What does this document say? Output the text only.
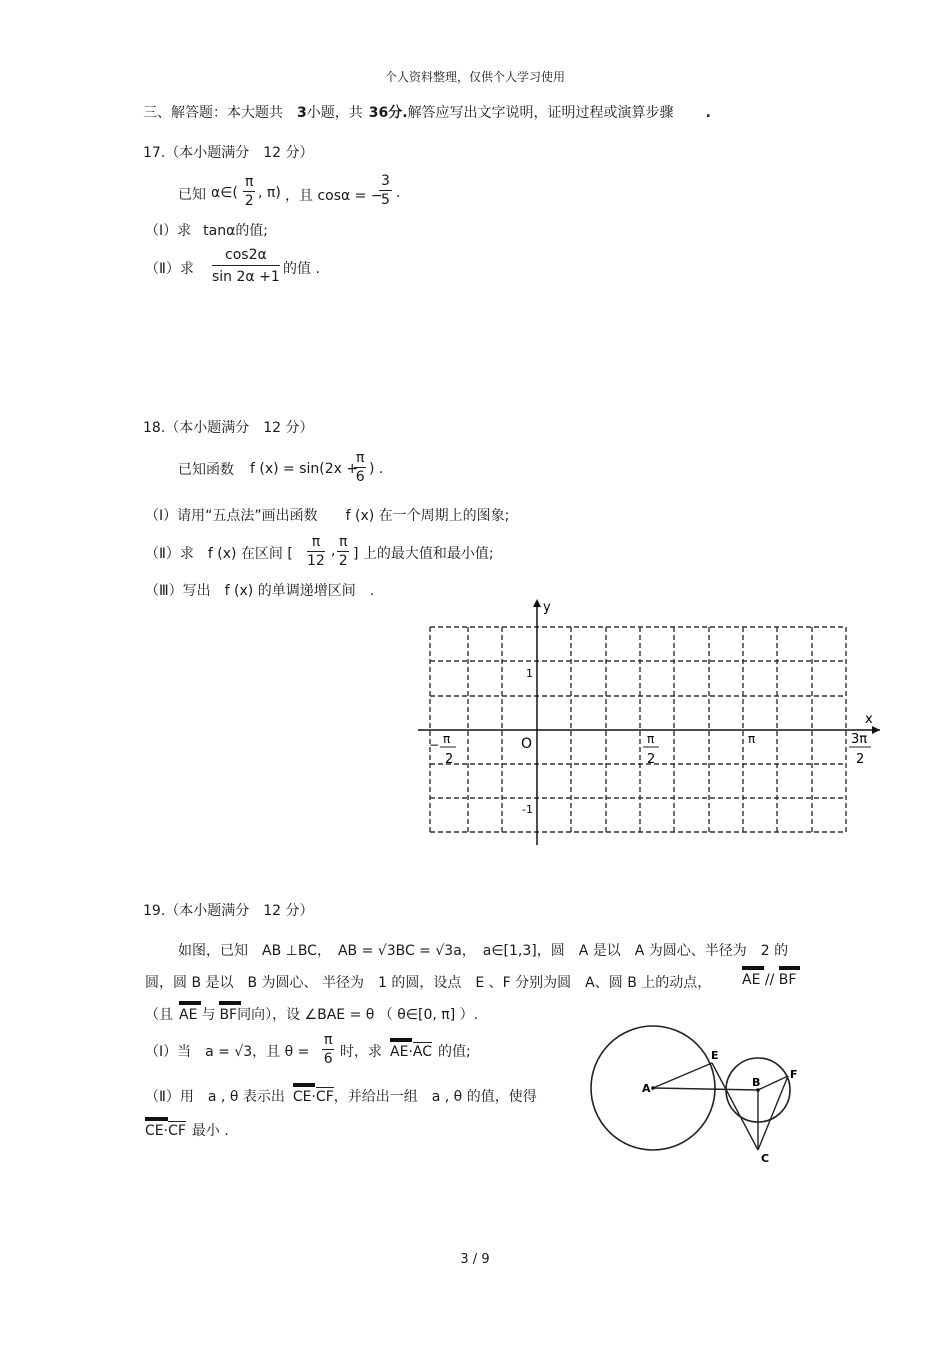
个人资料整理，仅供个人学习使用
三、解答题：本大题共 3小题，共 36分.解答应写出文字说明，证明过程或演算步骤 .
17.（本小题满分　12 分）
已知 α∈( $\frac{\pi}{2}$ , π) ，且 cosα = −
$\frac{3}{5}$ .
（Ⅰ）求 tanα的值;
（Ⅱ）求 $\frac{\cos 2\alpha}{\sin 2\alpha +1}$ 的值 .
18.（本小题满分　12 分）
已知函数 f (x) = sin(2x +
$\frac{\pi}{6}$ ) .
（Ⅰ）请用“五点法”画出函数　　f (x) 在一个周期上的图象;
（Ⅱ）求　f (x) 在区间 [ $\frac{\pi}{12}$ , $\frac{\pi}{2}$ ] 上的最大值和最小值;
（Ⅲ）写出　f (x) 的单调递增区间　.
y
x
O
1
-1
− π
2
π
2
π	3π
2
19.（本小题满分　12 分）
如图，已知　AB ⊥BC，　AB = √3BC = √3a，　a∈[1,3]，圆　A 是以　A 为圆心、半径为　2 的
圆，圆 B 是以　B 为圆心、 半径为　1 的圆，设点　E 、F 分别为圆　A、圆 B 上的动点， AE // BF
（且 AE 与 BF同向），设 ∠BAE = θ （ θ∈[0, π] ）.
（Ⅰ）当　a = √3，且 $\theta = \frac{\pi}{6}$ 时，求 AE·AC 的值;
（Ⅱ）用　a , θ 表示出 CE·CF，并给出一组　a , θ 的值，使得
CE·CF 最小 .
A	B
C
E
F
3 / 9
